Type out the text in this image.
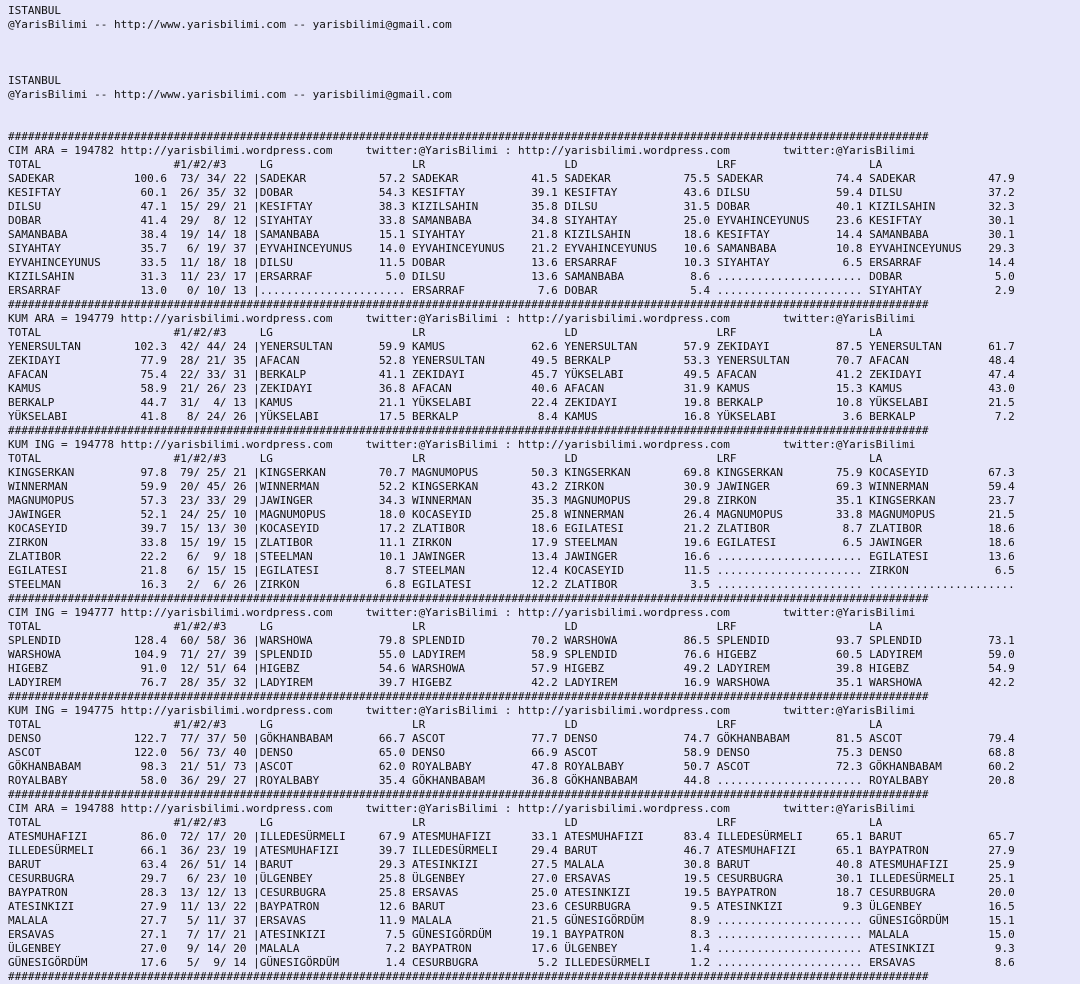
ISTANBUL
@YarisBilimi -- http://www.yarisbilimi.com -- yarisbilimi@gmail.com
ISTANBUL
@YarisBilimi -- http://www.yarisbilimi.com -- yarisbilimi@gmail.com
###########################################################################################################################################
CIM ARA = 194782 http://yarisbilimi.wordpress.com	twitter:@YarisBilimi : http://yarisbilimi.wordpress.com	twitter:@YarisBilimi
TOTAL	#1/#2/#3	LG	LR	LD	LRF	LA
SADEKAR	100.6  73/ 34/ 22 |SADEKAR	57.2 SADEKAR	41.5 SADEKAR	75.5 SADEKAR	74.4 SADEKAR	47.9
KESIFTAY	60.1  26/ 35/ 32 |DOBAR	54.3 KESIFTAY	39.1 KESIFTAY	43.6 DILSU	59.4 DILSU	37.2
DILSU	47.1  15/ 29/ 21 |KESIFTAY	38.3 KIZILSAHIN	35.8 DILSU	31.5 DOBAR	40.1 KIZILSAHIN	32.3
DOBAR	41.4  29/  8/ 12 |SIYAHTAY	33.8 SAMANBABA	34.8 SIYAHTAY	25.0 EYVAHINCEYUNUS 23.6 KESIFTAY	30.1
SAMANBABA	38.4  19/ 14/ 18 |SAMANBABA	15.1 SIYAHTAY	21.8 KIZILSAHIN	18.6 KESIFTAY	14.4 SAMANBABA	30.1
SIYAHTAY	35.7   6/ 19/ 37 |EYVAHINCEYUNUS 14.0 EYVAHINCEYUNUS 21.2 EYVAHINCEYUNUS 10.6 SAMANBABA	10.8 EYVAHINCEYUNUS 29.3
EYVAHINCEYUNUS	33.5  11/ 18/ 18 |DILSU	11.5 DOBAR	13.6 ERSARRAF	10.3 SIYAHTAY	6.5 ERSARRAF	14.4
KIZILSAHIN	31.3  11/ 23/ 17 |ERSARRAF	5.0 DILSU	13.6 SAMANBABA	8.6 ...................... DOBAR	5.0
ERSARRAF	13.0   0/ 10/ 13 |...................... ERSARRAF	7.6 DOBAR	5.4 ...................... SIYAHTAY	2.9
###########################################################################################################################################
KUM ARA = 194779 http://yarisbilimi.wordpress.com	twitter:@YarisBilimi : http://yarisbilimi.wordpress.com	twitter:@YarisBilimi
TOTAL	#1/#2/#3	LG	LR	LD	LRF	LA
YENERSULTAN	102.3  42/ 44/ 24 |YENERSULTAN	59.9 KAMUS	62.6 YENERSULTAN	57.9 ZEKIDAYI	87.5 YENERSULTAN	61.7
ZEKIDAYI	77.9  28/ 21/ 35 |AFACAN	52.8 YENERSULTAN	49.5 BERKALP	53.3 YENERSULTAN	70.7 AFACAN	48.4
AFACAN	75.4  22/ 33/ 31 |BERKALP	41.1 ZEKIDAYI	45.7 YÜKSELABI	49.5 AFACAN	41.2 ZEKIDAYI	47.4
KAMUS	58.9  21/ 26/ 23 |ZEKIDAYI	36.8 AFACAN	40.6 AFACAN	31.9 KAMUS	15.3 KAMUS	43.0
BERKALP	44.7  31/  4/ 13 |KAMUS	21.1 YÜKSELABI	22.4 ZEKIDAYI	19.8 BERKALP	10.8 YÜKSELABI	21.5
YÜKSELABI	41.8   8/ 24/ 26 |YÜKSELABI	17.5 BERKALP	8.4 KAMUS	16.8 YÜKSELABI	3.6 BERKALP	7.2
###########################################################################################################################################
KUM ING = 194778 http://yarisbilimi.wordpress.com	twitter:@YarisBilimi : http://yarisbilimi.wordpress.com	twitter:@YarisBilimi
TOTAL	#1/#2/#3	LG	LR	LD	LRF	LA
KINGSERKAN	97.8  79/ 25/ 21 |KINGSERKAN	70.7 MAGNUMOPUS	50.3 KINGSERKAN	69.8 KINGSERKAN	75.9 KOCASEYID	67.3
WINNERMAN	59.9  20/ 45/ 26 |WINNERMAN	52.2 KINGSERKAN	43.2 ZIRKON	30.9 JAWINGER	69.3 WINNERMAN	59.4
MAGNUMOPUS	57.3  23/ 33/ 29 |JAWINGER	34.3 WINNERMAN	35.3 MAGNUMOPUS	29.8 ZIRKON	35.1 KINGSERKAN	23.7
JAWINGER	52.1  24/ 25/ 10 |MAGNUMOPUS	18.0 KOCASEYID	25.8 WINNERMAN	26.4 MAGNUMOPUS	33.8 MAGNUMOPUS	21.5
KOCASEYID	39.7  15/ 13/ 30 |KOCASEYID	17.2 ZLATIBOR	18.6 EGILATESI	21.2 ZLATIBOR	8.7 ZLATIBOR	18.6
ZIRKON	33.8  15/ 19/ 15 |ZLATIBOR	11.1 ZIRKON	17.9 STEELMAN	19.6 EGILATESI	6.5 JAWINGER	18.6
ZLATIBOR	22.2   6/  9/ 18 |STEELMAN	10.1 JAWINGER	13.4 JAWINGER	16.6 ...................... EGILATESI	13.6
EGILATESI	21.8   6/ 15/ 15 |EGILATESI	8.7 STEELMAN	12.4 KOCASEYID	11.5 ...................... ZIRKON	6.5
STEELMAN	16.3   2/  6/ 26 |ZIRKON	6.8 EGILATESI	12.2 ZLATIBOR	3.5 ...................... ......................
###########################################################################################################################################
CIM ING = 194777 http://yarisbilimi.wordpress.com	twitter:@YarisBilimi : http://yarisbilimi.wordpress.com	twitter:@YarisBilimi
TOTAL	#1/#2/#3	LG	LR	LD	LRF	LA
SPLENDID	128.4  60/ 58/ 36 |WARSHOWA	79.8 SPLENDID	70.2 WARSHOWA	86.5 SPLENDID	93.7 SPLENDID	73.1
WARSHOWA	104.9  71/ 27/ 39 |SPLENDID	55.0 LADYIREM	58.9 SPLENDID	76.6 HIGEBZ	60.5 LADYIREM	59.0
HIGEBZ	91.0  12/ 51/ 64 |HIGEBZ	54.6 WARSHOWA	57.9 HIGEBZ	49.2 LADYIREM	39.8 HIGEBZ	54.9
LADYIREM	76.7  28/ 35/ 32 |LADYIREM	39.7 HIGEBZ	42.2 LADYIREM	16.9 WARSHOWA	35.1 WARSHOWA	42.2
###########################################################################################################################################
KUM ING = 194775 http://yarisbilimi.wordpress.com	twitter:@YarisBilimi : http://yarisbilimi.wordpress.com	twitter:@YarisBilimi
TOTAL	#1/#2/#3	LG	LR	LD	LRF	LA
DENSO	122.7  77/ 37/ 50 |GÖKHANBABAM	66.7 ASCOT	77.7 DENSO	74.7 GÖKHANBABAM	81.5 ASCOT	79.4
ASCOT	122.0  56/ 73/ 40 |DENSO	65.0 DENSO	66.9 ASCOT	58.9 DENSO	75.3 DENSO	68.8
GÖKHANBABAM	98.3  21/ 51/ 73 |ASCOT	62.0 ROYALBABY	47.8 ROYALBABY	50.7 ASCOT	72.3 GÖKHANBABAM	60.2
ROYALBABY	58.0  36/ 29/ 27 |ROYALBABY	35.4 GÖKHANBABAM	36.8 GÖKHANBABAM	44.8 ...................... ROYALBABY	20.8
###########################################################################################################################################
CIM ARA = 194788 http://yarisbilimi.wordpress.com	twitter:@YarisBilimi : http://yarisbilimi.wordpress.com	twitter:@YarisBilimi
TOTAL	#1/#2/#3	LG	LR	LD	LRF	LA
ATESMUHAFIZI	86.0  72/ 17/ 20 |ILLEDESÜRMELI	67.9 ATESMUHAFIZI	33.1 ATESMUHAFIZI	83.4 ILLEDESÜRMELI	65.1 BARUT	65.7
ILLEDESÜRMELI	66.1  36/ 23/ 19 |ATESMUHAFIZI	39.7 ILLEDESÜRMELI	29.4 BARUT	46.7 ATESMUHAFIZI	65.1 BAYPATRON	27.9
BARUT	63.4  26/ 51/ 14 |BARUT	29.3 ATESINKIZI	27.5 MALALA	30.8 BARUT	40.8 ATESMUHAFIZI	25.9
CESURBUGRA	29.7   6/ 23/ 10 |ÜLGENBEY	25.8 ÜLGENBEY	27.0 ERSAVAS	19.5 CESURBUGRA	30.1 ILLEDESÜRMELI	25.1
BAYPATRON	28.3  13/ 12/ 13 |CESURBUGRA	25.8 ERSAVAS	25.0 ATESINKIZI	19.5 BAYPATRON	18.7 CESURBUGRA	20.0
ATESINKIZI	27.9  11/ 13/ 22 |BAYPATRON	12.6 BARUT	23.6 CESURBUGRA	9.5 ATESINKIZI	9.3 ÜLGENBEY	16.5
MALALA	27.7   5/ 11/ 37 |ERSAVAS	11.9 MALALA	21.5 GÜNESIGÖRDÜM	8.9 ...................... GÜNESIGÖRDÜM	15.1
ERSAVAS	27.1   7/ 17/ 21 |ATESINKIZI	7.5 GÜNESIGÖRDÜM	19.1 BAYPATRON	8.3 ...................... MALALA	15.0
ÜLGENBEY	27.0   9/ 14/ 20 |MALALA	7.2 BAYPATRON	17.6 ÜLGENBEY	1.4 ...................... ATESINKIZI	9.3
GÜNESIGÖRDÜM	17.6   5/  9/ 14 |GÜNESIGÖRDÜM	1.4 CESURBUGRA	5.2 ILLEDESÜRMELI	1.2 ...................... ERSAVAS	8.6
###########################################################################################################################################
